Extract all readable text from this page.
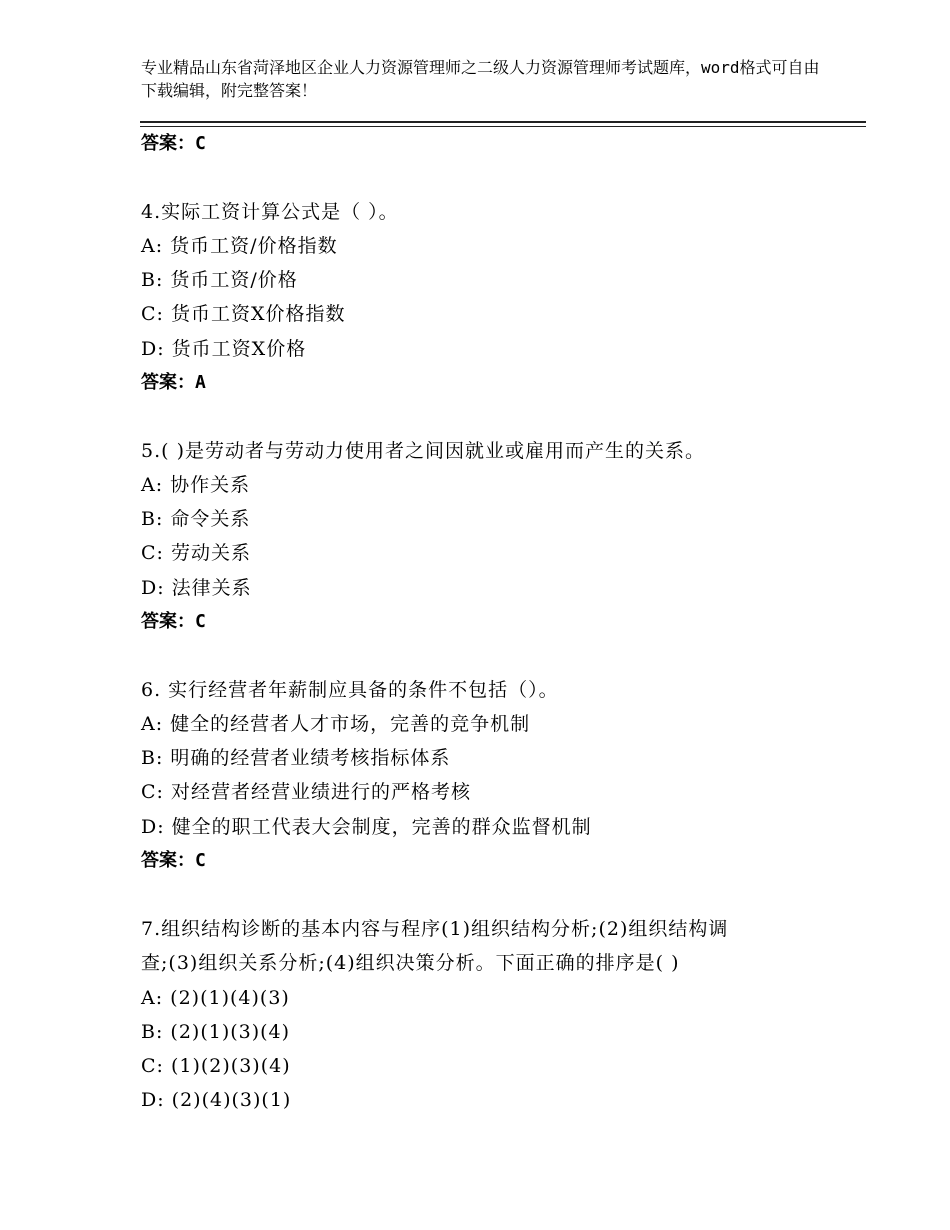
专业精品山东省菏泽地区企业人力资源管理师之二级人力资源管理师考试题库，word格式可自由下载编辑，附完整答案！
答案：C
4.实际工资计算公式是（ ）。
A: 货币工资/价格指数
B: 货币工资/价格
C: 货币工资X价格指数
D: 货币工资X价格
答案：A
5.( )是劳动者与劳动力使用者之间因就业或雇用而产生的关系。
A: 协作关系
B: 命令关系
C: 劳动关系
D: 法律关系
答案：C
6. 实行经营者年薪制应具备的条件不包括（）。
A: 健全的经营者人才市场，完善的竞争机制
B: 明确的经营者业绩考核指标体系
C: 对经营者经营业绩进行的严格考核
D: 健全的职工代表大会制度，完善的群众监督机制
答案：C
7.组织结构诊断的基本内容与程序(1)组织结构分析;(2)组织结构调
查;(3)组织关系分析;(4)组织决策分析。下面正确的排序是( )
A: (2)(1)(4)(3)
B: (2)(1)(3)(4)
C: (1)(2)(3)(4)
D: (2)(4)(3)(1)
